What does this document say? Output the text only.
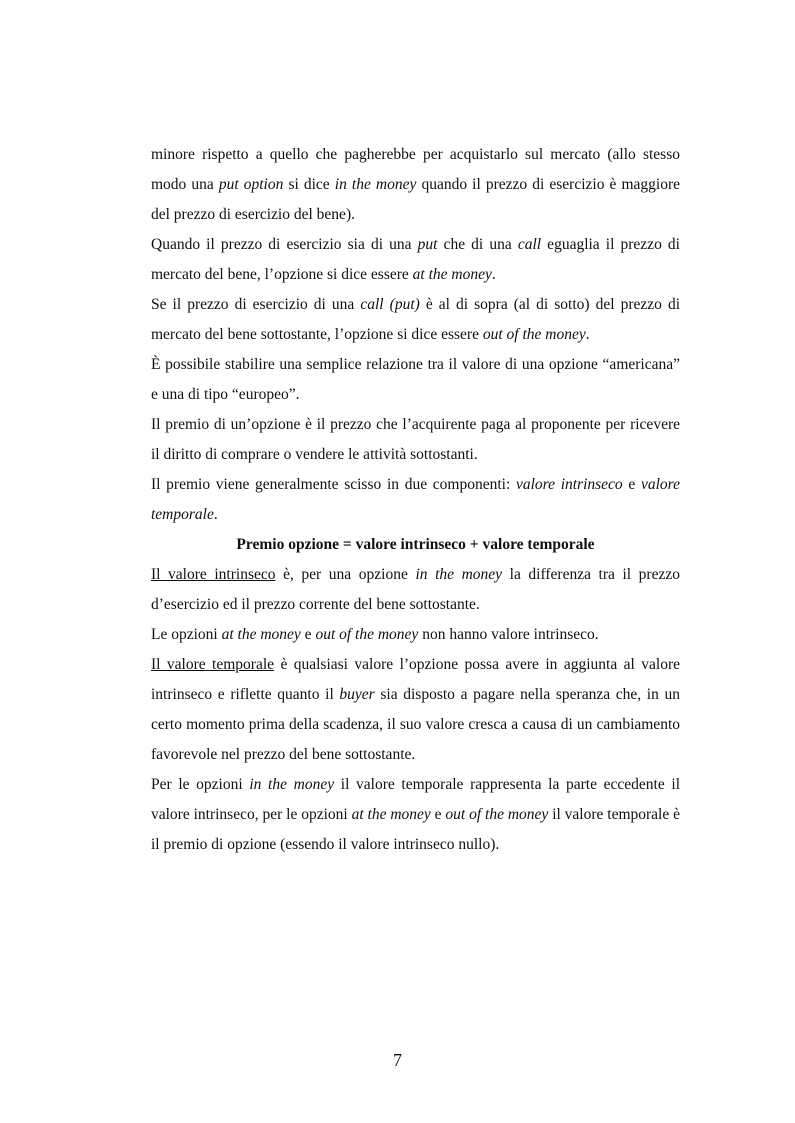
minore rispetto a quello che pagherebbe per acquistarlo sul mercato (allo stesso modo una put option si dice in the money quando il prezzo di esercizio è maggiore del prezzo di esercizio del bene).

Quando il prezzo di esercizio sia di una put che di una call eguaglia il prezzo di mercato del bene, l’opzione si dice essere at the money.

Se il prezzo di esercizio di una call (put) è al di sopra (al di sotto) del prezzo di mercato del bene sottostante, l’opzione si dice essere out of the money.

È possibile stabilire una semplice relazione tra il valore di una opzione “americana” e una di tipo “europeo”.

Il premio di un’opzione è il prezzo che l’acquirente paga al proponente per ricevere il diritto di comprare o vendere le attività sottostanti.

Il premio viene generalmente scisso in due componenti: valore intrinseco e valore temporale.

Premio opzione = valore intrinseco + valore temporale

Il valore intrinseco è, per una opzione in the money la differenza tra il prezzo d’esercizio ed il prezzo corrente del bene sottostante.

Le opzioni at the money e out of the money non hanno valore intrinseco.

Il valore temporale è qualsiasi valore l’opzione possa avere in aggiunta al valore intrinseco e riflette quanto il buyer sia disposto a pagare nella speranza che, in un certo momento prima della scadenza, il suo valore cresca a causa di un cambiamento favorevole nel prezzo del bene sottostante.

Per le opzioni in the money il valore temporale rappresenta la parte eccedente il valore intrinseco, per le opzioni at the money e out of the money il valore temporale è il premio di opzione (essendo il valore intrinseco nullo).

7
